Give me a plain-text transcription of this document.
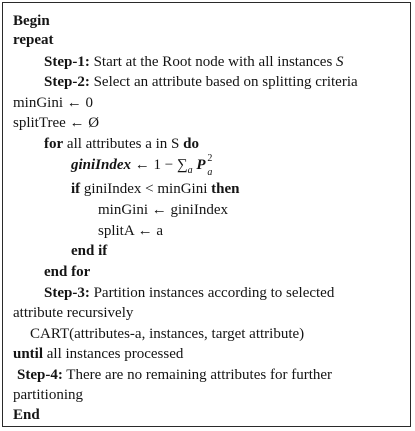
Begin
repeat
Step-1: Start at the Root node with all instances S
Step-2: Select an attribute based on splitting criteria
minGini ← 0
splitTree ← Ø
for all attributes a in S do
giniIndex ← $1 - \sum_a$ P 2
a
if giniIndex < minGini then
minGini ← giniIndex
splitA ← a
end if
end for
Step-3: Partition instances according to selected
attribute recursively
CART(attributes-a, instances, target attribute)
until all instances processed
Step-4: There are no remaining attributes for further
partitioning
End
